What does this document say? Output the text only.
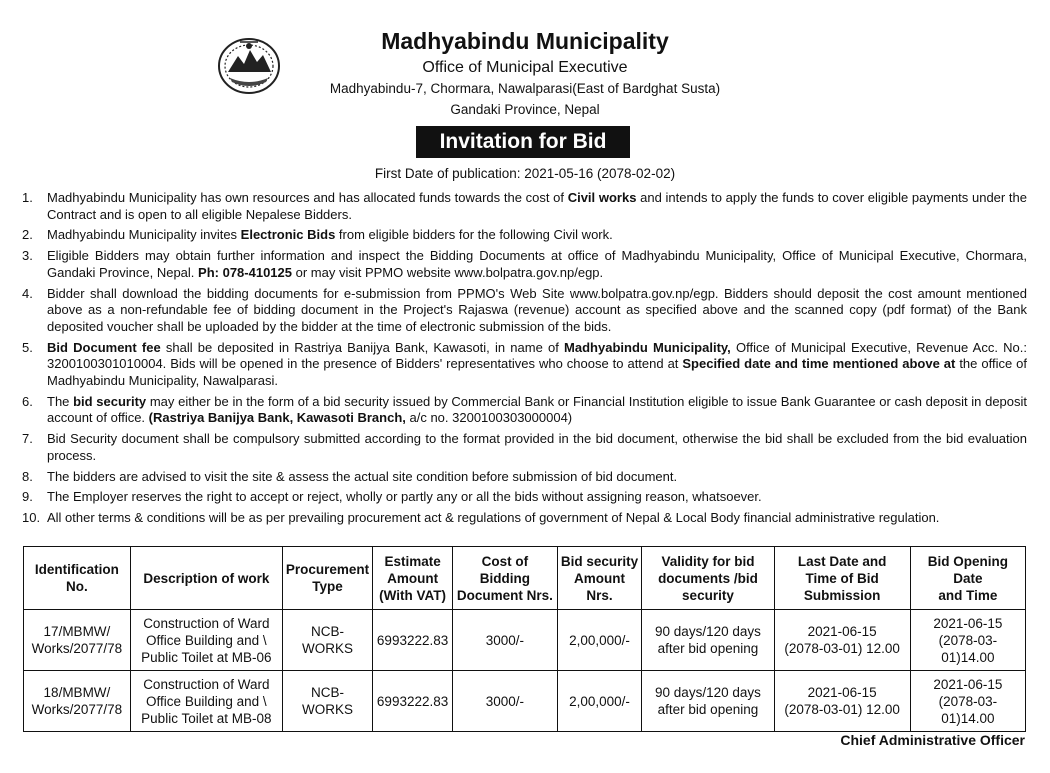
Madhyabindu Municipality
Office of Municipal Executive
Madhyabindu-7, Chormara, Nawalparasi(East of Bardghat Susta)
Gandaki Province, Nepal
Invitation for Bid
First Date of publication: 2021-05-16 (2078-02-02)
1. Madhyabindu Municipality has own resources and has allocated funds towards the cost of Civil works and intends to apply the funds to cover eligible payments under the Contract and is open to all eligible Nepalese Bidders.
2. Madhyabindu Municipality invites Electronic Bids from eligible bidders for the following Civil work.
3. Eligible Bidders may obtain further information and inspect the Bidding Documents at office of Madhyabindu Municipality, Office of Municipal Executive, Chormara, Gandaki Province, Nepal. Ph: 078-410125 or may visit PPMO website www.bolpatra.gov.np/egp.
4. Bidder shall download the bidding documents for e-submission from PPMO's Web Site www.bolpatra.gov.np/egp. Bidders should deposit the cost amount mentioned above as a non-refundable fee of bidding document in the Project's Rajaswa (revenue) account as specified above and the scanned copy (pdf format) of the Bank deposited voucher shall be uploaded by the bidder at the time of electronic submission of the bids.
5. Bid Document fee shall be deposited in Rastriya Banijya Bank, Kawasoti, in name of Madhyabindu Municipality, Office of Municipal Executive, Revenue Acc. No.: 3200100301010004. Bids will be opened in the presence of Bidders' representatives who choose to attend at Specified date and time mentioned above at the office of Madhyabindu Municipality, Nawalparasi.
6. The bid security may either be in the form of a bid security issued by Commercial Bank or Financial Institution eligible to issue Bank Guarantee or cash deposit in deposit account of office. (Rastriya Banijya Bank, Kawasoti Branch, a/c no. 3200100303000004)
7. Bid Security document shall be compulsory submitted according to the format provided in the bid document, otherwise the bid shall be excluded from the bid evaluation process.
8. The bidders are advised to visit the site & assess the actual site condition before submission of bid document.
9. The Employer reserves the right to accept or reject, wholly or partly any or all the bids without assigning reason, whatsoever.
10. All other terms & conditions will be as per prevailing procurement act & regulations of government of Nepal & Local Body financial administrative regulation.
Identification
No.	Description of work	Procurement
Type	Estimate
Amount
(With VAT)	Cost of
Bidding
Document Nrs.	Bid security
Amount
Nrs.	Validity for bid
documents /bid
security	Last Date and
Time of Bid
Submission	Bid Opening Date
and Time
17/MBMW/
Works/2077/78	Construction of Ward
Office Building and \
Public Toilet at MB-06	NCB- WORKS	6993222.83	3000/-	2,00,000/-	90 days/120 days
after bid opening	2021-06-15
(2078-03-01) 12.00	2021-06-15
(2078-03-01)14.00
18/MBMW/
Works/2077/78	Construction of Ward
Office Building and \
Public Toilet at MB-08	NCB- WORKS	6993222.83	3000/-	2,00,000/-	90 days/120 days
after bid opening	2021-06-15
(2078-03-01) 12.00	2021-06-15
(2078-03-01)14.00
Chief Administrative Officer
